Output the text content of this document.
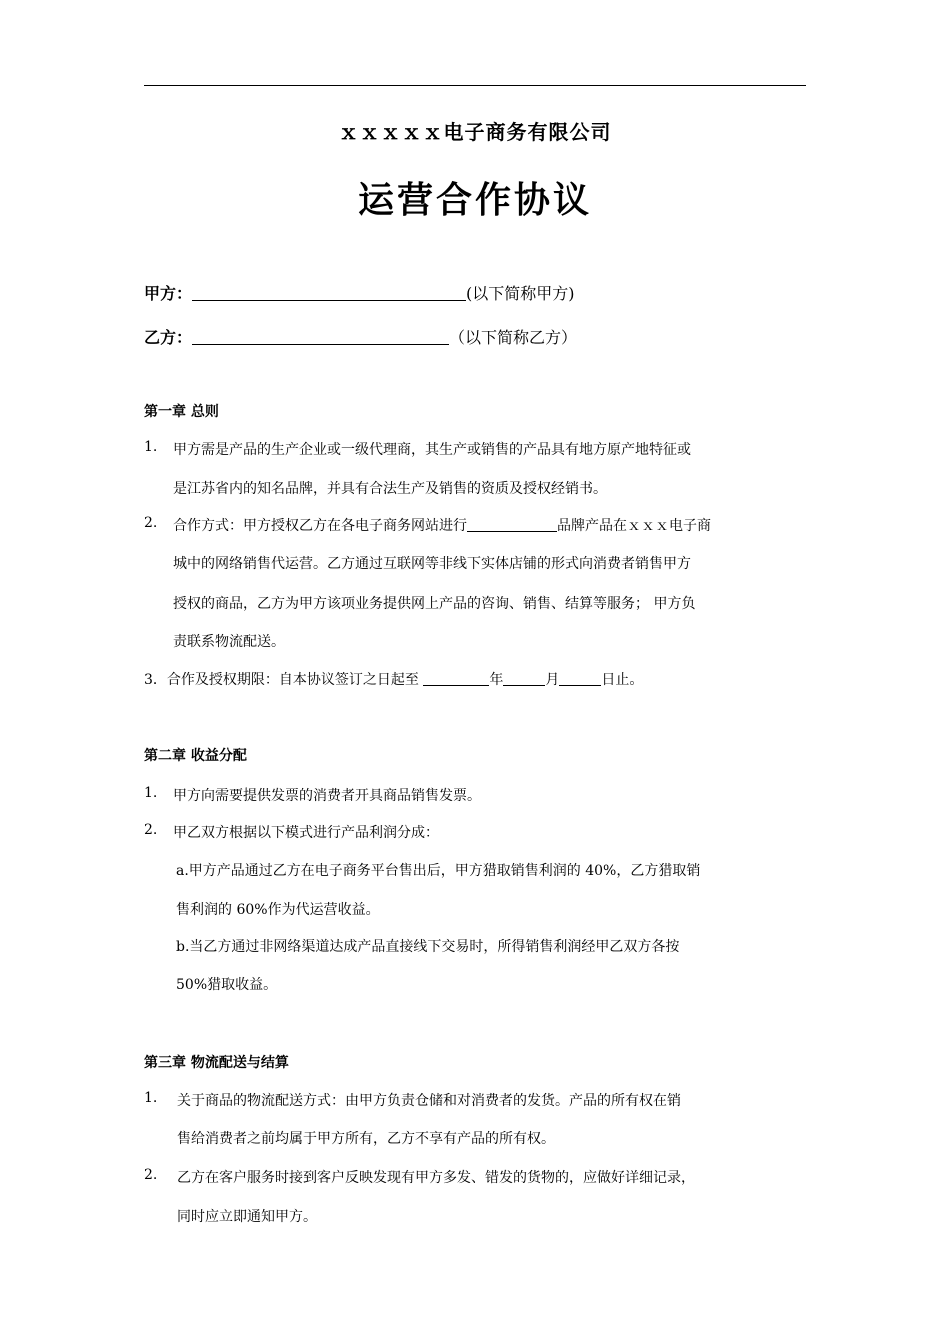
ｘｘｘｘｘ电子商务有限公司
运营合作协议
甲方：	(以下简称甲方)
乙方：	（以下简称乙方）
第一章 总则
1. 甲方需是产品的生产企业或一级代理商，其生产或销售的产品具有地方原产地特征或
是江苏省内的知名品牌，并具有合法生产及销售的资质及授权经销书。
2. 合作方式：甲方授权乙方在各电子商务网站进行	品牌产品在ｘｘｘ电子商
城中的网络销售代运营。乙方通过互联网等非线下实体店铺的形式向消费者销售甲方
授权的商品，乙方为甲方该项业务提供网上产品的咨询、销售、结算等服务； 甲方负
责联系物流配送。
3．合作及授权期限：自本协议签订之日起至	年	月	日止。
第二章 收益分配
1. 甲方向需要提供发票的消费者开具商品销售发票。
2. 甲乙双方根据以下模式进行产品利润分成：
a.甲方产品通过乙方在电子商务平台售出后，甲方猎取销售利润的 40%，乙方猎取销
售利润的 60%作为代运营收益。
b.当乙方通过非网络渠道达成产品直接线下交易时，所得销售利润经甲乙双方各按
50%猎取收益。
第三章 物流配送与结算
1. 关于商品的物流配送方式：由甲方负责仓储和对消费者的发货。产品的所有权在销
售给消费者之前均属于甲方所有，乙方不享有产品的所有权。
2. 乙方在客户服务时接到客户反映发现有甲方多发、错发的货物的，应做好详细记录，
同时应立即通知甲方。
